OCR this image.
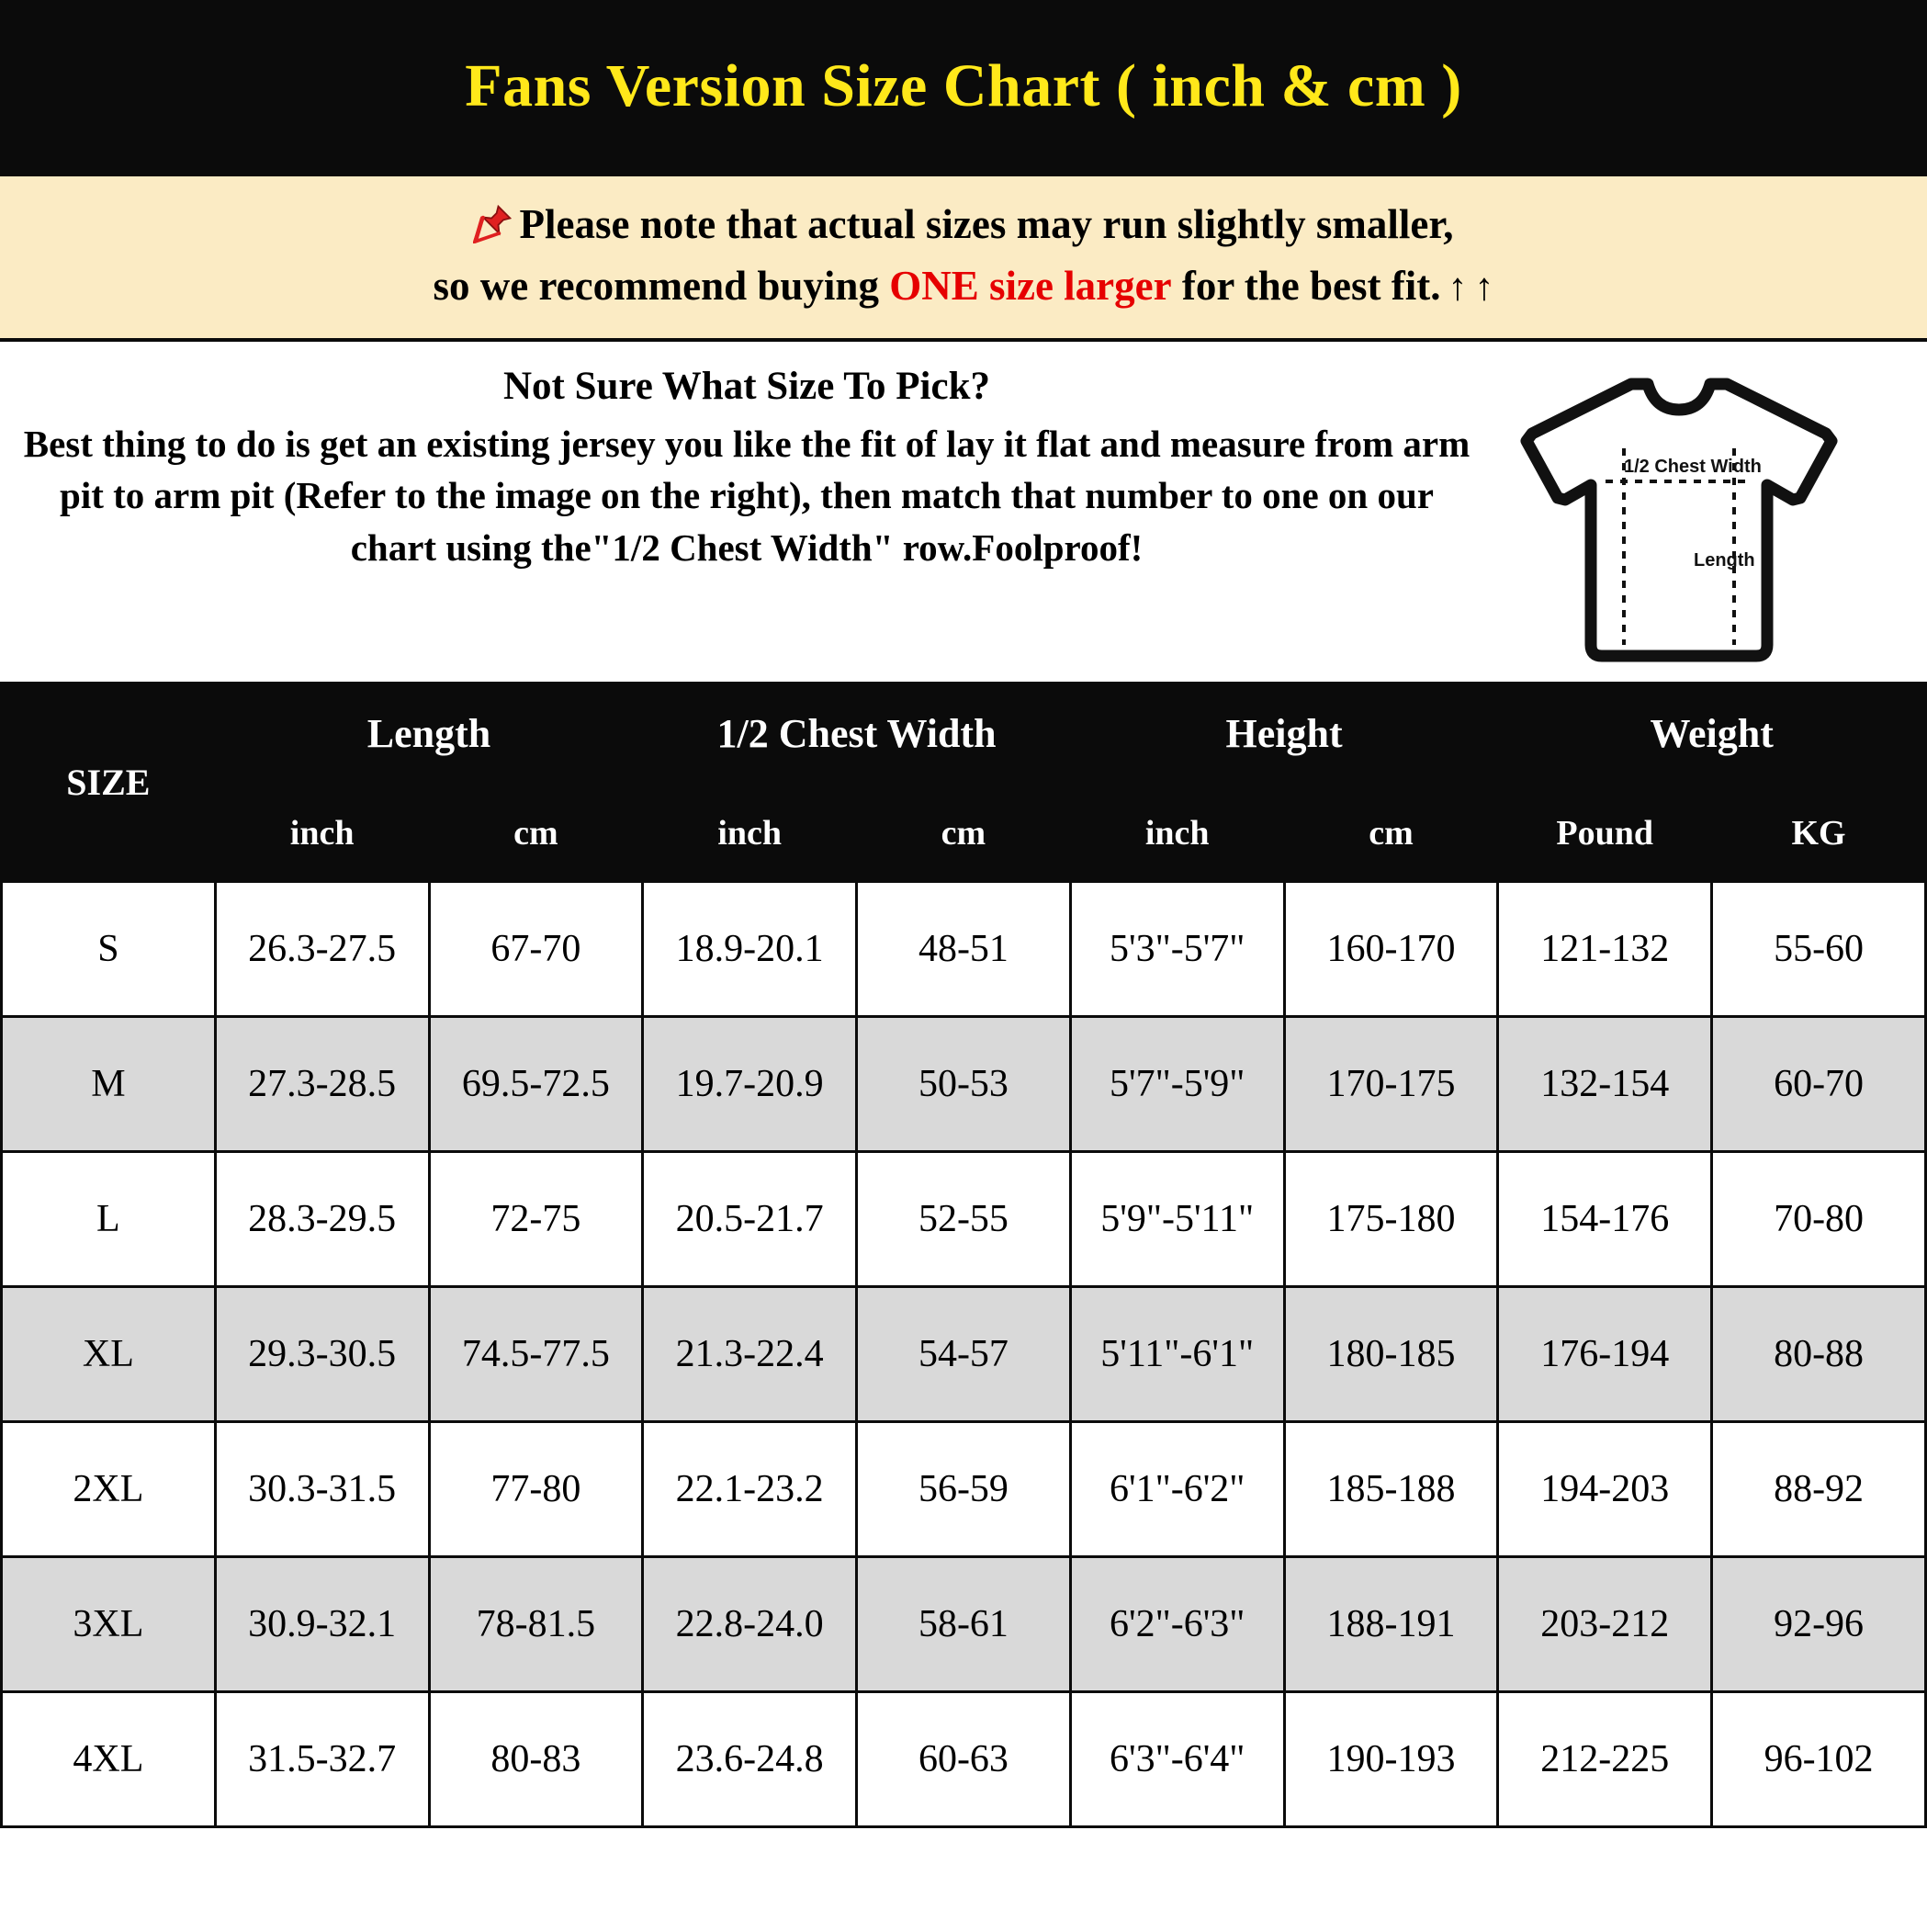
Fans Version Size Chart ( inch & cm )
Please note that actual sizes may run slightly smaller,
so we recommend buying ONE size larger for the best fit. ↑ ↑
Not Sure What Size To Pick?
Best thing to do is get an existing jersey you like the fit of lay it flat and measure from arm pit to arm pit (Refer to the image on the right), then match that number to one on our chart using the"1/2 Chest Width" row.Foolproof!
1/2 Chest Width
Length
SIZE	Length		1/2 Chest Width		Height		Weight	
	inch	cm	inch	cm	inch	cm	Pound	KG
S	26.3-27.5	67-70	18.9-20.1	48-51	5'3"-5'7"	160-170	121-132	55-60
M	27.3-28.5	69.5-72.5	19.7-20.9	50-53	5'7"-5'9"	170-175	132-154	60-70
L	28.3-29.5	72-75	20.5-21.7	52-55	5'9"-5'11"	175-180	154-176	70-80
XL	29.3-30.5	74.5-77.5	21.3-22.4	54-57	5'11"-6'1"	180-185	176-194	80-88
2XL	30.3-31.5	77-80	22.1-23.2	56-59	6'1"-6'2"	185-188	194-203	88-92
3XL	30.9-32.1	78-81.5	22.8-24.0	58-61	6'2"-6'3"	188-191	203-212	92-96
4XL	31.5-32.7	80-83	23.6-24.8	60-63	6'3"-6'4"	190-193	212-225	96-102
